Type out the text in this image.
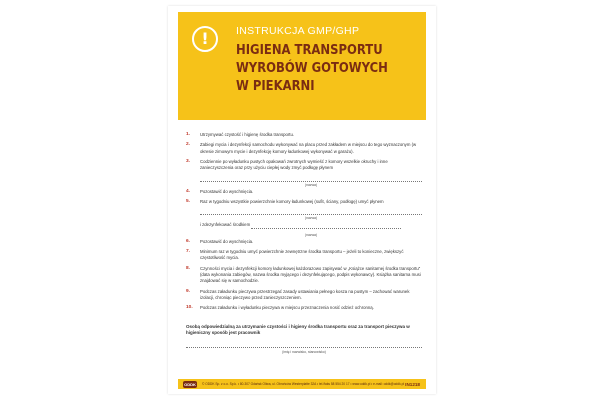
!	INSTRUKCJA GMP/GHP
HIGIENA TRANSPORTU
WYROBÓW GOTOWYCH
W PIEKARNI
1. Utrzymywać czystość i higienę środka transportu.
2. Zabiegi mycia i dezynfekcji samochodu wykonywać na placu przed zakładem w miejscu do tego wyznaczonym (w okresie zimowym mycie i dezynfekcję komory ładunkowej wykonywać w garażu).
3. Codziennie po wyładunku pustych opakowań zwrotnych wymieść z komory wszelkie okruchy i inne zanieczyszczenia oraz przy użyciu ciepłej wody zmyć podłogę płynem
(nazwa)
4. Pozostawić do wyschnięcia.
5. Raz w tygodniu wszystkie powierzchnie komory ładunkowej (sufit, ściany, podłogę) umyć płynem
(nazwa)
i zdezynfekować środkiem
(nazwa)
6. Pozostawić do wyschnięcia.
7. Minimum raz w tygodniu umyć powierzchnie zewnętrzne środka transportu – jeżeli to konieczne, zwiększyć częstotliwość mycia.
8. Czynności mycia i dezynfekcji komory ładunkowej każdorazowo zapisywać w „Książce sanitarnej środka transportu” (data wykonania zabiegów, nazwa środka myjącego i dezynfekującego, podpis wykonawcy). Książka sanitarna musi znajdować się w samochodzie.
9. Podczas załadunku pieczywa przestrzegać zasady ustawiania pełnego kosza na pustym – zachować warunek izolacji, chroniąc pieczywo przed zanieczyszczeniem.
10. Podczas załadunku i wyładunku pieczywa w miejscu przeznaczenia nosić odzież ochronną.
Osobą odpowiedzialną za utrzymanie czystości i higieny środka transportu oraz za transport pieczywa w higieniczny sposób jest pracownik
(imię i nazwisko, stanowisko)
ODDK	© ODDK Sp. z o.o. Sp.k. • 80-307 Gdańsk Oliwa, ul. Obrońców Westerplatte 32A • tel./faks 58 554 20 17 • www.oddk.pl • e-mail: oddk@oddk.pl IN1218
